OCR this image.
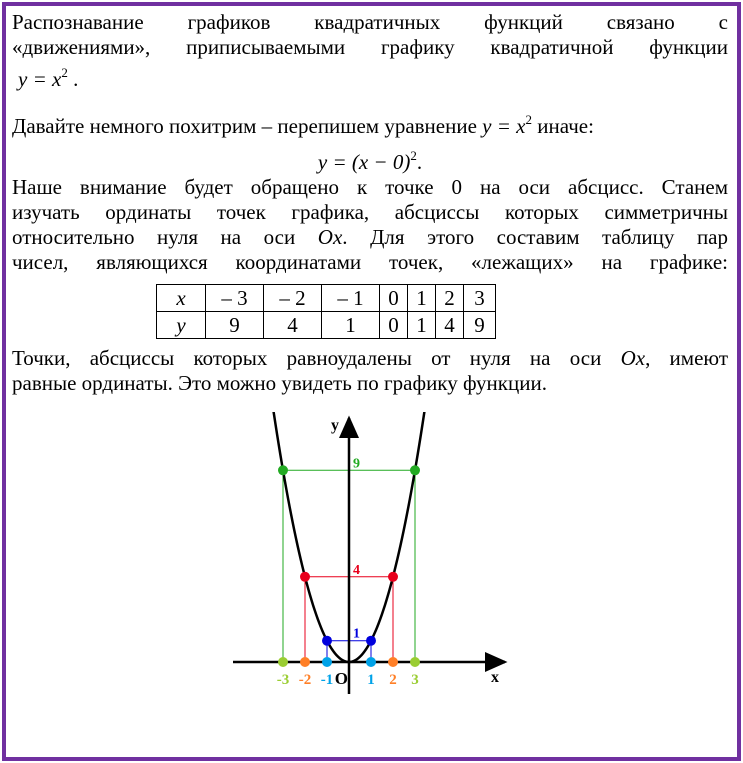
Распознавание графиков квадратичных функций связано с
«движениями», приписываемыми графику квадратичной функции
$y = x^2$ .
Давайте немного похитрим – перепишем уравнение $y = x^2$ иначе:
$y = (x - 0)^2$.
Наше внимание будет обращено к точке 0 на оси абсцисс. Станем
изучать ординаты точек графика, абсциссы которых симметричны
относительно нуля на оси Ox. Для этого составим таблицу пар
чисел, являющихся координатами точек, «лежащих» на графике:
x	– 3	– 2	– 1	0	1	2	3
y	9	4	1	0	1	4	9
Точки, абсциссы которых равноудалены от нуля на оси Ox, имеют
равные ординаты. Это можно увидеть по графику функции.
-3 -2 -1 1 2 3
1
4
9
y
x
O
